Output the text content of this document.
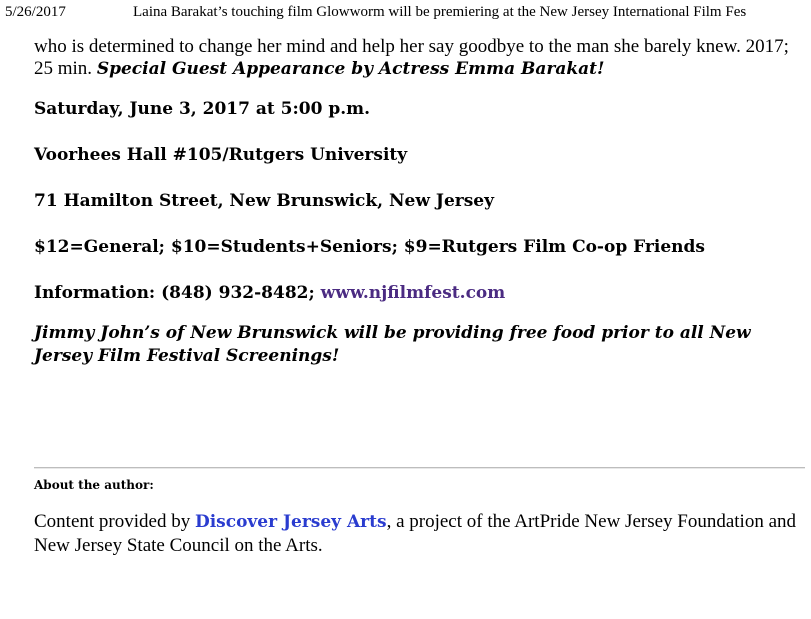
5/26/2017	Laina Barakat’s touching film Glowworm will be premiering at the New Jersey International Film Fes

who is determined to change her mind and help her say goodbye to the man she barely knew. 2017; 25 min. Special Guest Appearance by Actress Emma Barakat!

Saturday, June 3, 2017 at 5:00 p.m.

Voorhees Hall #105/Rutgers University

71 Hamilton Street, New Brunswick, New Jersey

$12=General; $10=Students+Seniors; $9=Rutgers Film Co-op Friends

Information: (848) 932-8482; www.njfilmfest.com

Jimmy John’s of New Brunswick will be providing free food prior to all New Jersey Film Festival Screenings!

About the author:

Content provided by Discover Jersey Arts, a project of the ArtPride New Jersey Foundation and New Jersey State Council on the Arts.
